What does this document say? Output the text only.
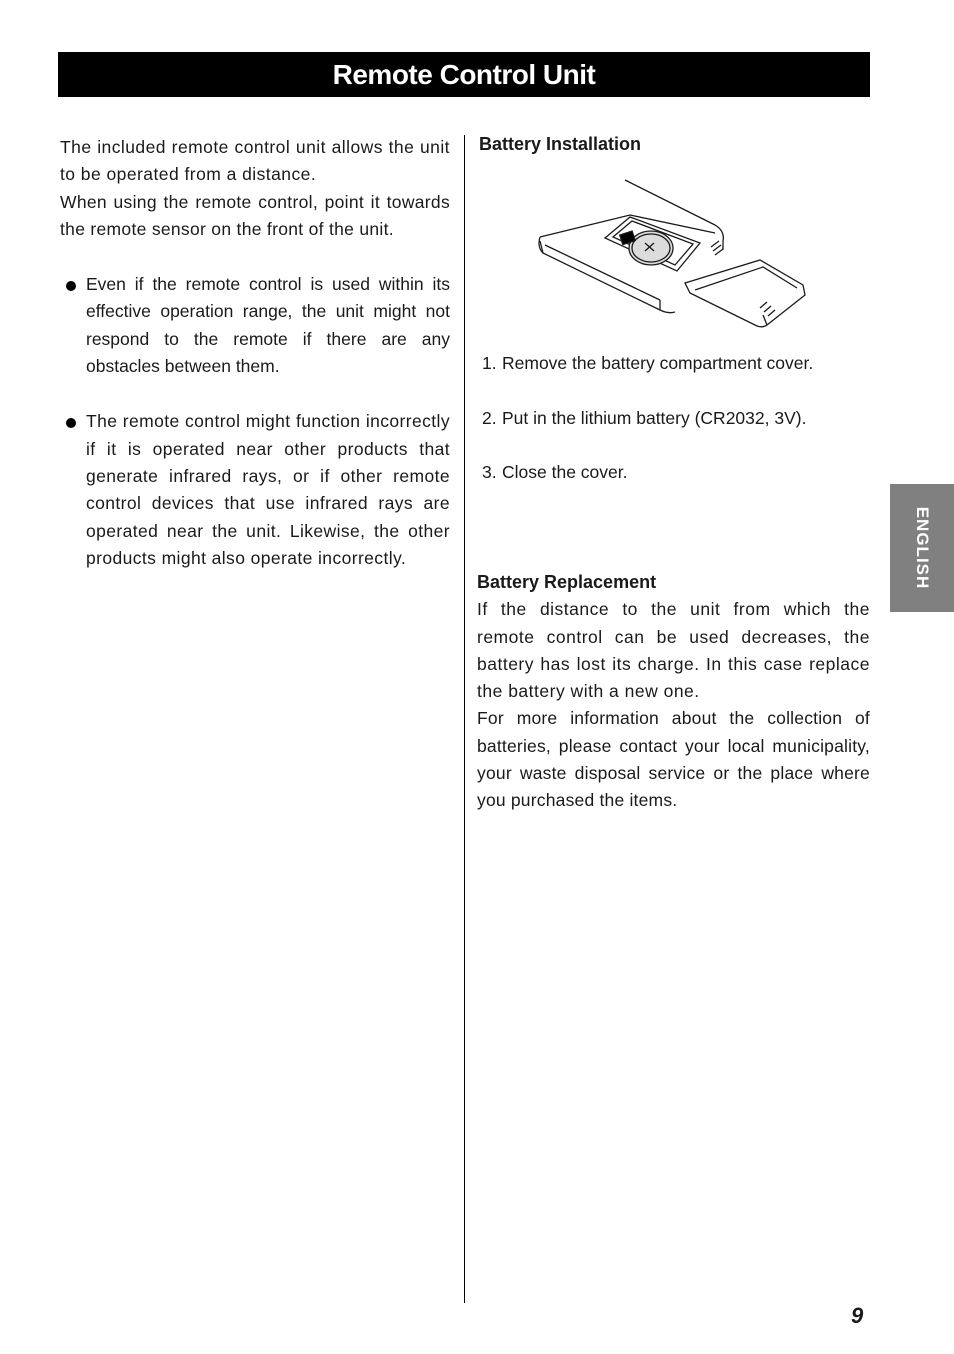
Remote Control Unit

The included remote control unit allows the unit to be operated from a distance.

When using the remote control, point it towards the remote sensor on the front of the unit.

Even if the remote control is used within its effective operation range, the unit might not respond to the remote if there are any obstacles between them.

The remote control might function incorrectly if it is operated near other products that generate infrared rays, or if other remote control devices that use infrared rays are operated near the unit. Likewise, the other products might also operate incorrectly.

Battery Installation
1. Remove the battery compartment cover.
2. Put in the lithium battery (CR2032, 3V).
3. Close the cover.
Battery Replacement

If the distance to the unit from which the remote control can be used decreases, the battery has lost its charge. In this case replace the battery with a new one.

For more information about the collection of batteries, please contact your local municipality, your waste disposal service or the place where you purchased the items.

ENGLISH
9
